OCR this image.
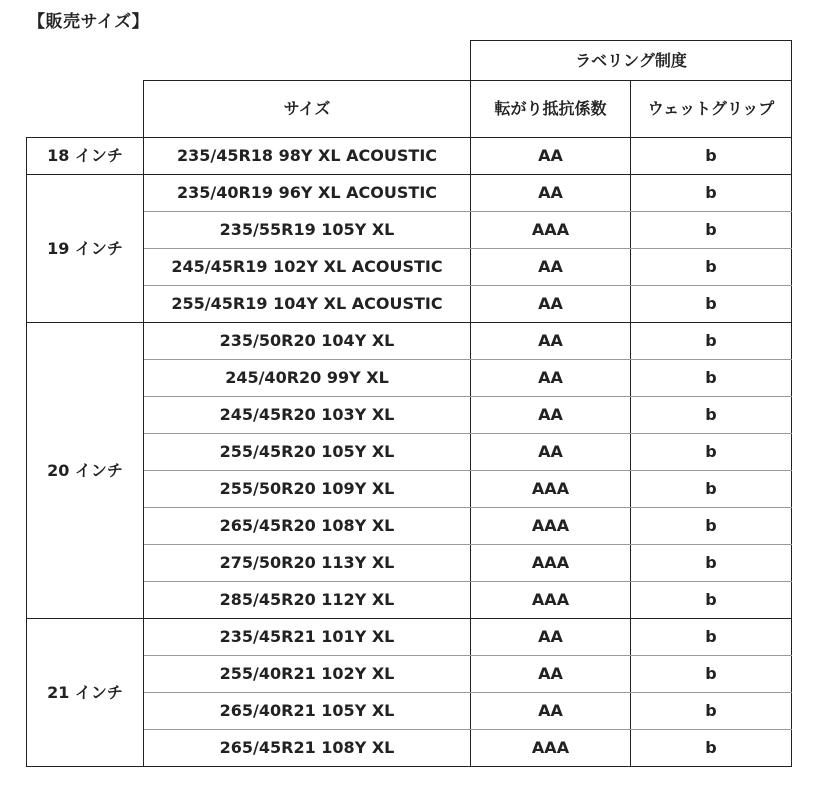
【販売サイズ】
		ラベリング制度	
	サイズ	転がり抵抗係数	ウェットグリップ
18 インチ	235/45R18 98Y XL ACOUSTIC	AA	b
19 インチ	235/40R19 96Y XL ACOUSTIC	AA	b
	235/55R19 105Y XL	AAA	b
	245/45R19 102Y XL ACOUSTIC	AA	b
	255/45R19 104Y XL ACOUSTIC	AA	b
20 インチ	235/50R20 104Y XL	AA	b
	245/40R20 99Y XL	AA	b
	245/45R20 103Y XL	AA	b
	255/45R20 105Y XL	AA	b
	255/50R20 109Y XL	AAA	b
	265/45R20 108Y XL	AAA	b
	275/50R20 113Y XL	AAA	b
	285/45R20 112Y XL	AAA	b
21 インチ	235/45R21 101Y XL	AA	b
	255/40R21 102Y XL	AA	b
	265/40R21 105Y XL	AA	b
	265/45R21 108Y XL	AAA	b
